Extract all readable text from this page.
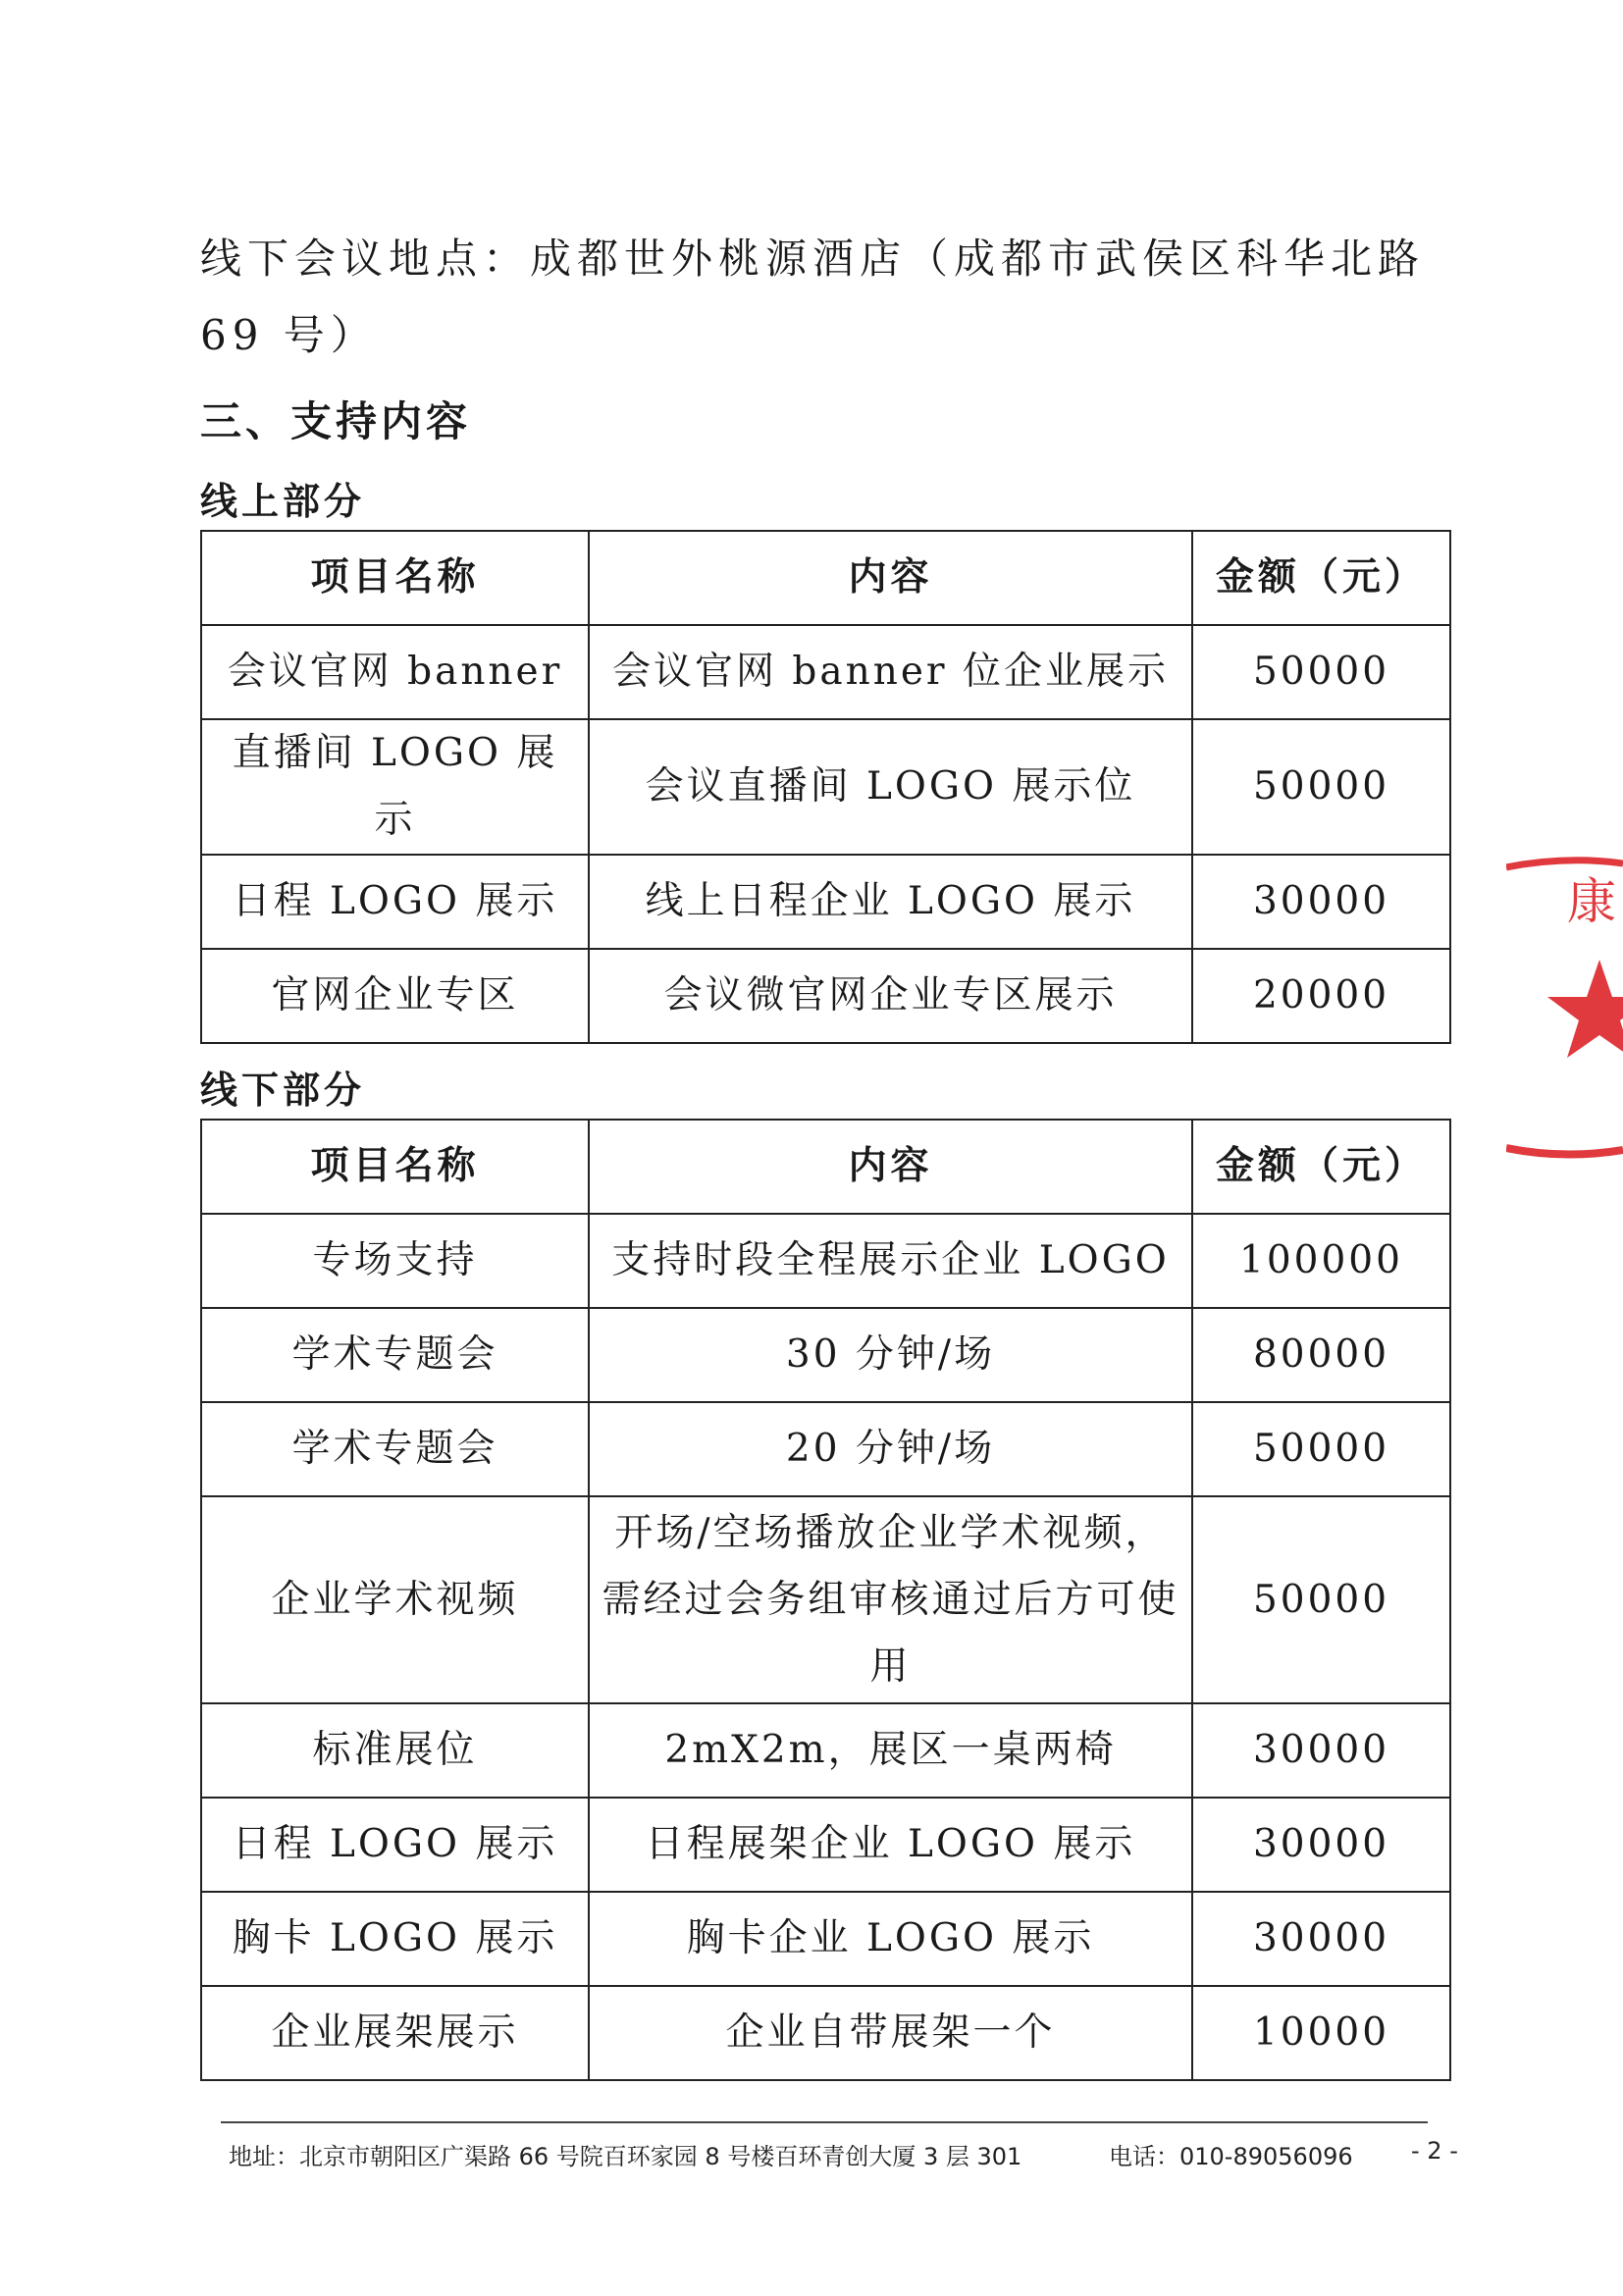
线下会议地点：成都世外桃源酒店（成都市武侯区科华北路

69 号）

三、支持内容
线上部分
项目名称	内容	金额（元）
会议官网 banner	会议官网 banner 位企业展示	50000
直播间 LOGO 展示	会议直播间 LOGO 展示位	50000
日程 LOGO 展示	线上日程企业 LOGO 展示	30000
官网企业专区	会议微官网企业专区展示	20000
线下部分
项目名称	内容	金额（元）
专场支持	支持时段全程展示企业 LOGO	100000
学术专题会	30 分钟/场	80000
学术专题会	20 分钟/场	50000
企业学术视频	开场/空场播放企业学术视频，需经过会务组审核通过后方可使用	50000
标准展位	2mX2m，展区一桌两椅	30000
日程 LOGO 展示	日程展架企业 LOGO 展示	30000
胸卡 LOGO 展示	胸卡企业 LOGO 展示	30000
企业展架展示	企业自带展架一个	10000
康
地址：北京市朝阳区广渠路 66 号院百环家园 8 号楼百环青创大厦 3 层 301	电话：010-89056096 - 2 -
